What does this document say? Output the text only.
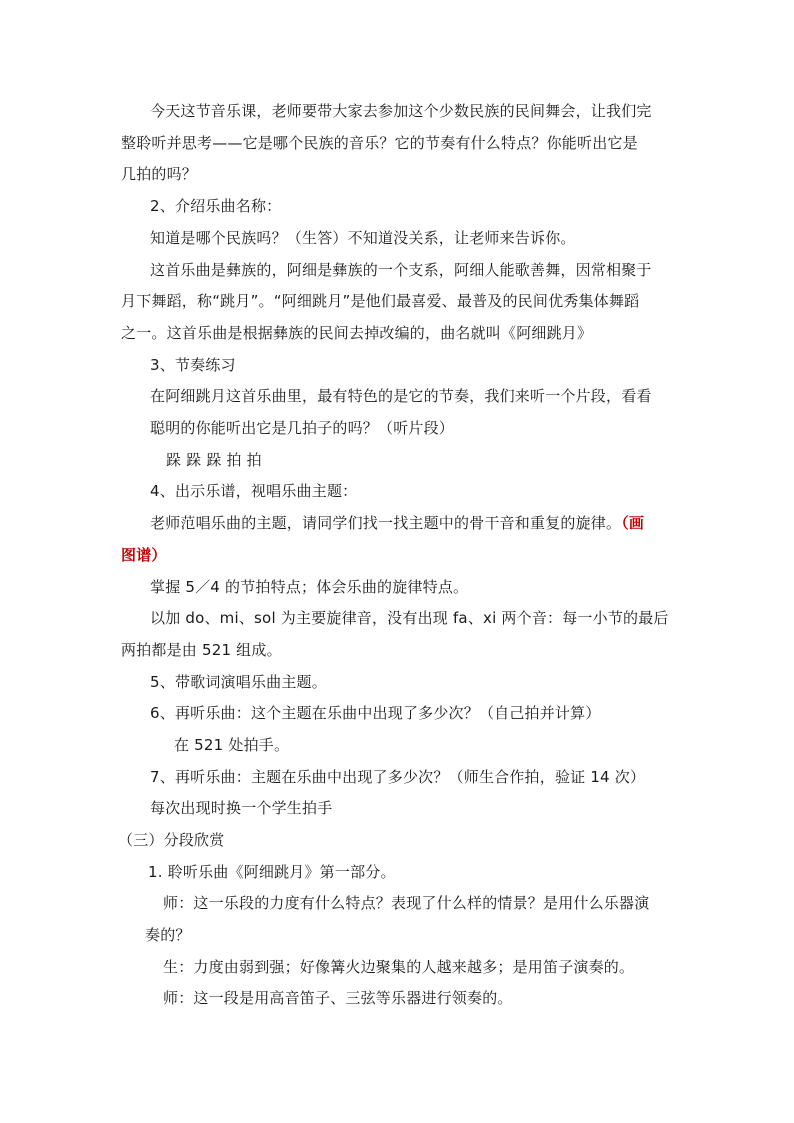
今天这节音乐课，老师要带大家去参加这个少数民族的民间舞会，让我们完
整聆听并思考——它是哪个民族的音乐？它的节奏有什么特点？你能听出它是
几拍的吗？
2、介绍乐曲名称：
知道是哪个民族吗？（生答）不知道没关系，让老师来告诉你。
这首乐曲是彝族的，阿细是彝族的一个支系，阿细人能歌善舞，因常相聚于
月下舞蹈，称“跳月”。“阿细跳月”是他们最喜爱、最普及的民间优秀集体舞蹈
之一。这首乐曲是根据彝族的民间去掉改编的，曲名就叫《阿细跳月》
3、节奏练习
在阿细跳月这首乐曲里，最有特色的是它的节奏，我们来听一个片段，看看
聪明的你能听出它是几拍子的吗？（听片段）
跺 跺 跺 拍 拍
4、出示乐谱，视唱乐曲主题：
老师范唱乐曲的主题，请同学们找一找主题中的骨干音和重复的旋律。（画
图谱）
掌握 5／4 的节拍特点；体会乐曲的旋律特点。
以加 do、mi、sol 为主要旋律音，没有出现 fa、xi 两个音：每一小节的最后
两拍都是由 521 组成。
5、带歌词演唱乐曲主题。
6、再听乐曲：这个主题在乐曲中出现了多少次？（自己拍并计算）
在 521 处拍手。
7、再听乐曲：主题在乐曲中出现了多少次？（师生合作拍，验证 14 次）
每次出现时换一个学生拍手
（三）分段欣赏
1. 聆听乐曲《阿细跳月》第一部分。
师：这一乐段的力度有什么特点？表现了什么样的情景？是用什么乐器演
奏的？
生：力度由弱到强；好像篝火边聚集的人越来越多；是用笛子演奏的。
师：这一段是用高音笛子、三弦等乐器进行领奏的。
